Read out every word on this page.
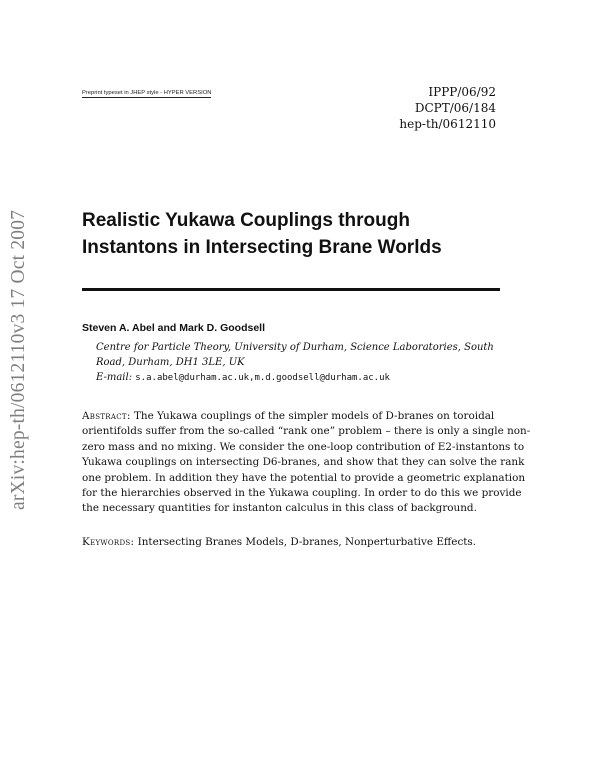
arXiv:hep-th/0612110v3 17 Oct 2007
Preprint typeset in JHEP style - HYPER VERSION	IPPP/06/92
DCPT/06/184
hep-th/0612110
Realistic Yukawa Couplings through
Instantons in Intersecting Brane Worlds
Steven A. Abel and Mark D. Goodsell
Centre for Particle Theory, University of Durham, Science Laboratories, South
Road, Durham, DH1 3LE, UK
E-mail: s.a.abel@durham.ac.uk,m.d.goodsell@durham.ac.uk
Abstract: The Yukawa couplings of the simpler models of D-branes on toroidal
orientifolds suffer from the so-called “rank one” problem – there is only a single non-
zero mass and no mixing. We consider the one-loop contribution of E2-instantons to
Yukawa couplings on intersecting D6-branes, and show that they can solve the rank
one problem. In addition they have the potential to provide a geometric explanation
for the hierarchies observed in the Yukawa coupling. In order to do this we provide
the necessary quantities for instanton calculus in this class of background.
Keywords: Intersecting Branes Models, D-branes, Nonperturbative Effects.
